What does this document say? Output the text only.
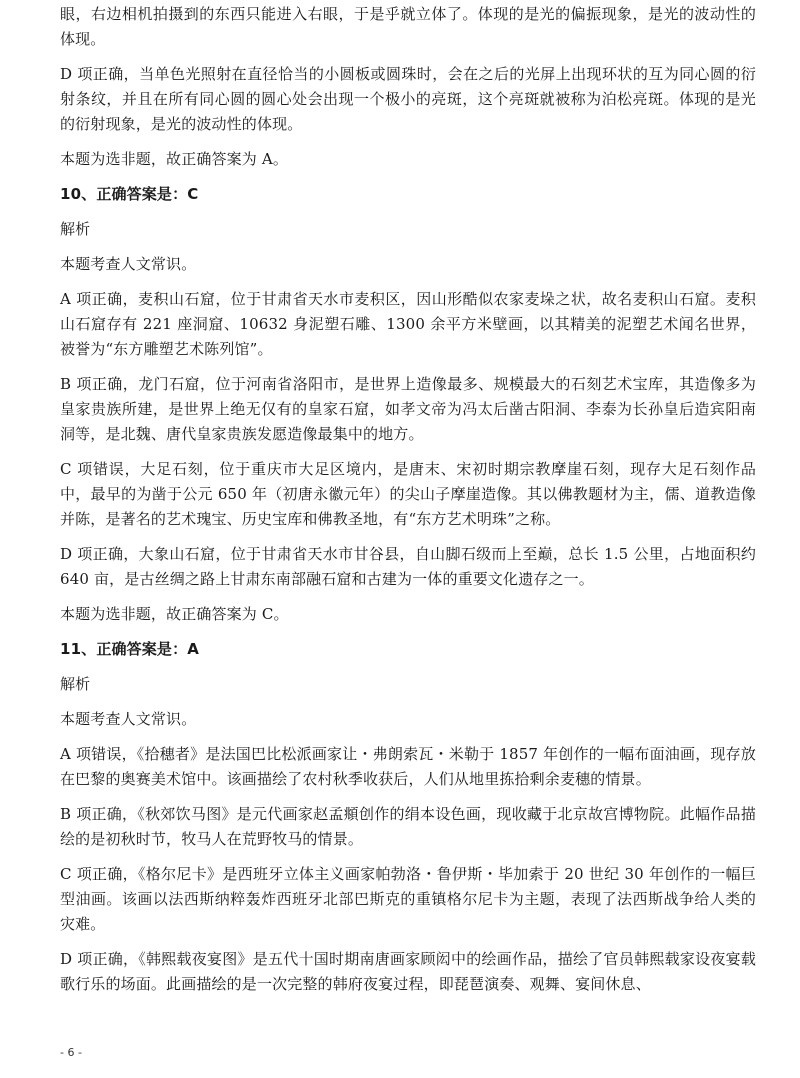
眼，右边相机拍摄到的东西只能进入右眼，于是乎就立体了。体现的是光的偏振现象，是光的波动性的体现。

D 项正确，当单色光照射在直径恰当的小圆板或圆珠时，会在之后的光屏上出现环状的互为同心圆的衍射条纹，并且在所有同心圆的圆心处会出现一个极小的亮斑，这个亮斑就被称为泊松亮斑。体现的是光的衍射现象，是光的波动性的体现。

本题为选非题，故正确答案为 A。

10、正确答案是：C

解析

本题考查人文常识。

A 项正确，麦积山石窟，位于甘肃省天水市麦积区，因山形酷似农家麦垛之状，故名麦积山石窟。麦积山石窟存有 221 座洞窟、10632 身泥塑石雕、1300 余平方米壁画，以其精美的泥塑艺术闻名世界，被誉为“东方雕塑艺术陈列馆”。

B 项正确，龙门石窟，位于河南省洛阳市，是世界上造像最多、规模最大的石刻艺术宝库，其造像多为皇家贵族所建，是世界上绝无仅有的皇家石窟，如孝文帝为冯太后凿古阳洞、李泰为长孙皇后造宾阳南洞等，是北魏、唐代皇家贵族发愿造像最集中的地方。

C 项错误，大足石刻，位于重庆市大足区境内，是唐末、宋初时期宗教摩崖石刻，现存大足石刻作品中，最早的为凿于公元 650 年（初唐永徽元年）的尖山子摩崖造像。其以佛教题材为主，儒、道教造像并陈，是著名的艺术瑰宝、历史宝库和佛教圣地，有“东方艺术明珠”之称。

D 项正确，大象山石窟，位于甘肃省天水市甘谷县，自山脚石级而上至巅，总长 1.5 公里，占地面积约 640 亩，是古丝绸之路上甘肃东南部融石窟和古建为一体的重要文化遗存之一。

本题为选非题，故正确答案为 C。

11、正确答案是：A

解析

本题考查人文常识。

A 项错误，《拾穗者》是法国巴比松派画家让・弗朗索瓦・米勒于 1857 年创作的一幅布面油画，现存放在巴黎的奥赛美术馆中。该画描绘了农村秋季收获后，人们从地里拣拾剩余麦穗的情景。

B 项正确，《秋郊饮马图》是元代画家赵孟頫创作的绢本设色画，现收藏于北京故宫博物院。此幅作品描绘的是初秋时节，牧马人在荒野牧马的情景。

C 项正确，《格尔尼卡》是西班牙立体主义画家帕勃洛・鲁伊斯・毕加索于 20 世纪 30 年创作的一幅巨型油画。该画以法西斯纳粹轰炸西班牙北部巴斯克的重镇格尔尼卡为主题，表现了法西斯战争给人类的灾难。

D 项正确，《韩熙载夜宴图》是五代十国时期南唐画家顾闳中的绘画作品，描绘了官员韩熙载家设夜宴载歌行乐的场面。此画描绘的是一次完整的韩府夜宴过程，即琵琶演奏、观舞、宴间休息、

- 6 -
